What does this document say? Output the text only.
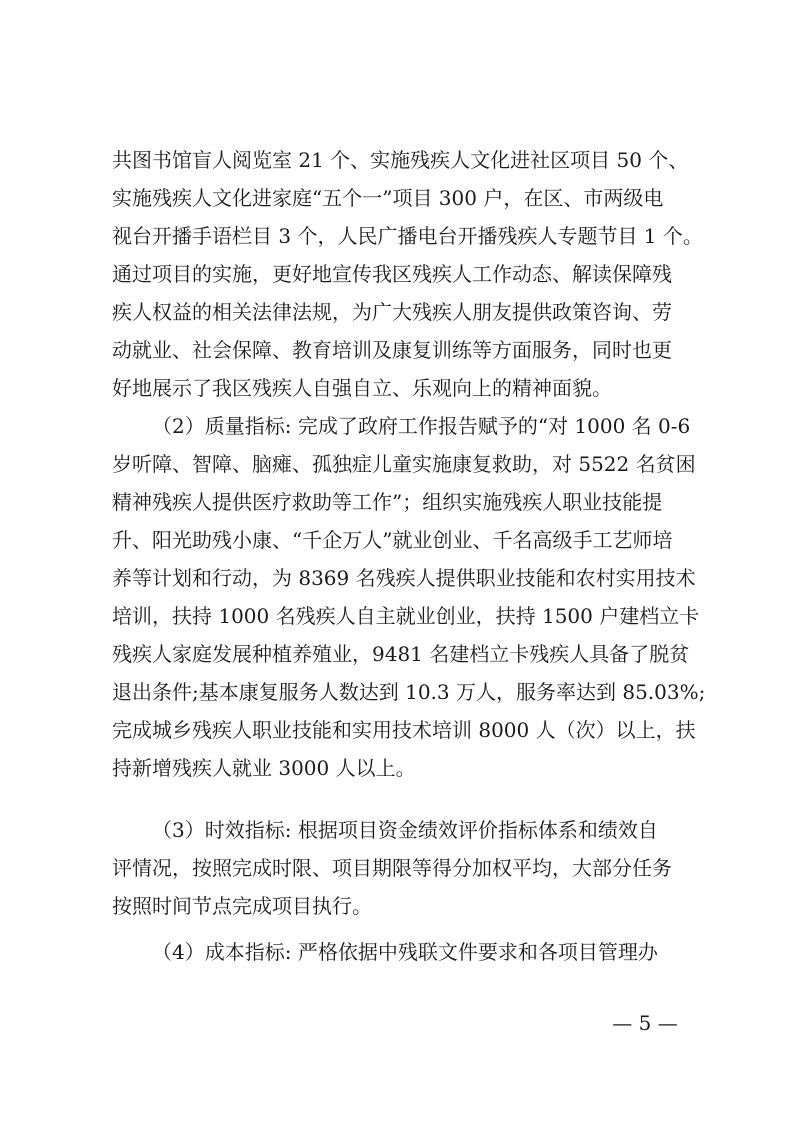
共图书馆盲人阅览室 21 个、实施残疾人文化进社区项目 50 个、
实施残疾人文化进家庭“五个一”项目 300 户，在区、市两级电
视台开播手语栏目 3 个，人民广播电台开播残疾人专题节目 1 个。
通过项目的实施，更好地宣传我区残疾人工作动态、解读保障残
疾人权益的相关法律法规，为广大残疾人朋友提供政策咨询、劳
动就业、社会保障、教育培训及康复训练等方面服务，同时也更
好地展示了我区残疾人自强自立、乐观向上的精神面貌。
（2）质量指标: 完成了政府工作报告赋予的“对 1000 名 0-6
岁听障、智障、脑瘫、孤独症儿童实施康复救助，对 5522 名贫困
精神残疾人提供医疗救助等工作”；组织实施残疾人职业技能提
升、阳光助残小康、“千企万人”就业创业、千名高级手工艺师培
养等计划和行动，为 8369 名残疾人提供职业技能和农村实用技术
培训，扶持 1000 名残疾人自主就业创业，扶持 1500 户建档立卡
残疾人家庭发展种植养殖业，9481 名建档立卡残疾人具备了脱贫
退出条件;基本康复服务人数达到 10.3 万人，服务率达到 85.03%;
完成城乡残疾人职业技能和实用技术培训 8000 人（次）以上，扶
持新增残疾人就业 3000 人以上。
（3）时效指标: 根据项目资金绩效评价指标体系和绩效自
评情况，按照完成时限、项目期限等得分加权平均，大部分任务
按照时间节点完成项目执行。
（4）成本指标: 严格依据中残联文件要求和各项目管理办
— 5 —
